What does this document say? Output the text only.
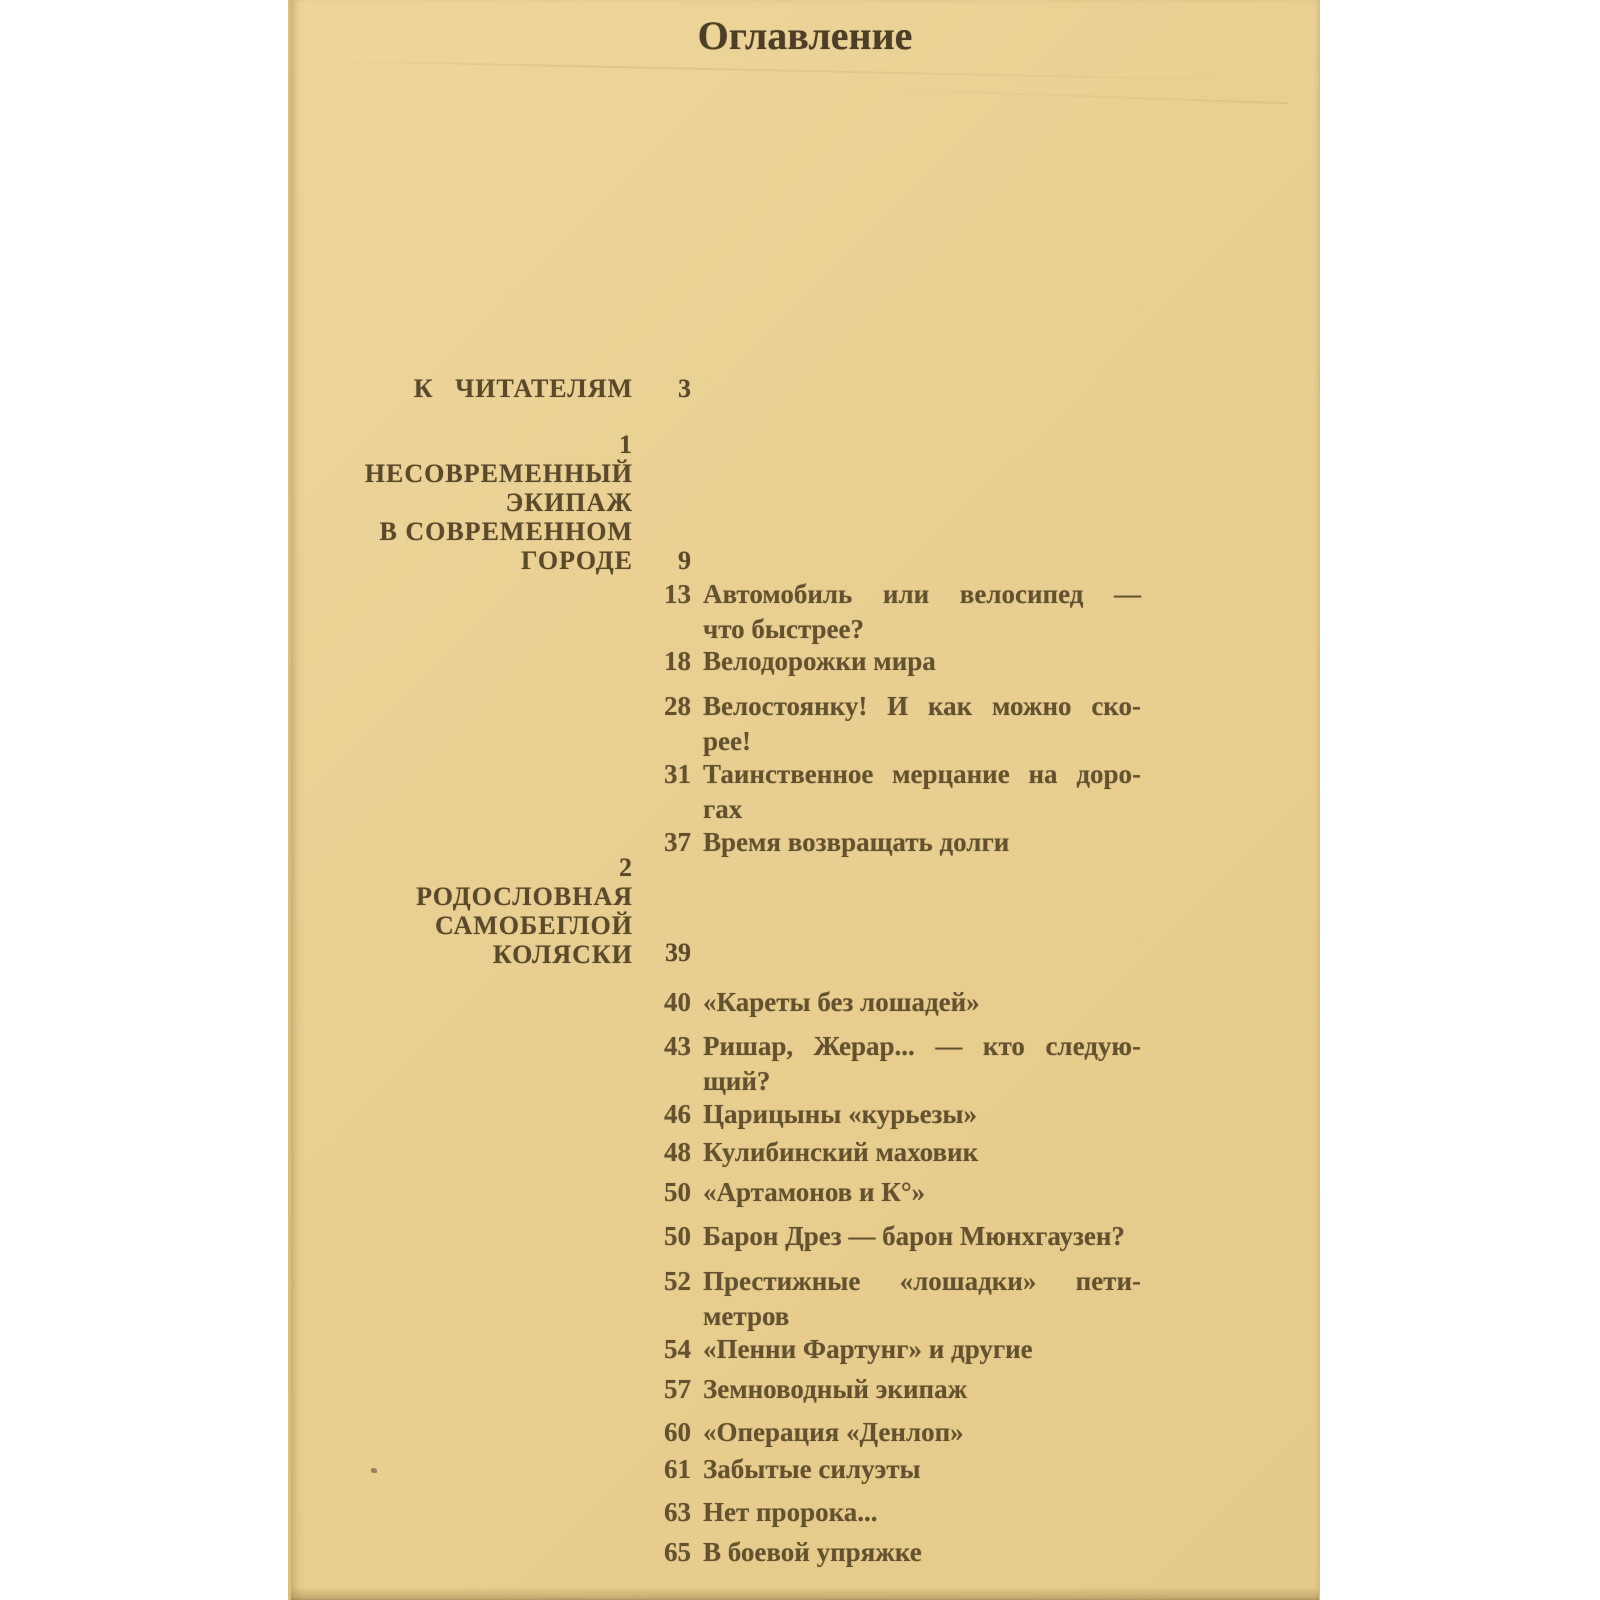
Оглавление
К ЧИТАТЕЛЯМ	3
1
НЕСОВРЕМЕННЫЙ
ЭКИПАЖ
В СОВРЕМЕННОМ
ГОРОДЕ	9
13 Автомобиль или велосипед —
что быстрее?
18 Велодорожки мира
28 Велостоянку! И как можно ско-
рее!
31 Таинственное мерцание на доро-
гах
37 Время возвращать долги
2
РОДОСЛОВНАЯ
САМОБЕГЛОЙ
КОЛЯСКИ	39
40 «Кареты без лошадей»
43 Ришар, Жерар... — кто следую-
щий?
46 Царицыны «курьезы»
48 Кулибинский маховик
50 «Артамонов и К°»
50 Барон Дрез — барон Мюнхгаузен?
52 Престижные «лошадки» пети-
метров
54 «Пенни Фартунг» и другие
57 Земноводный экипаж
60 «Операция «Денлоп»
61 Забытые силуэты
63 Нет пророка...
65 В боевой упряжке
